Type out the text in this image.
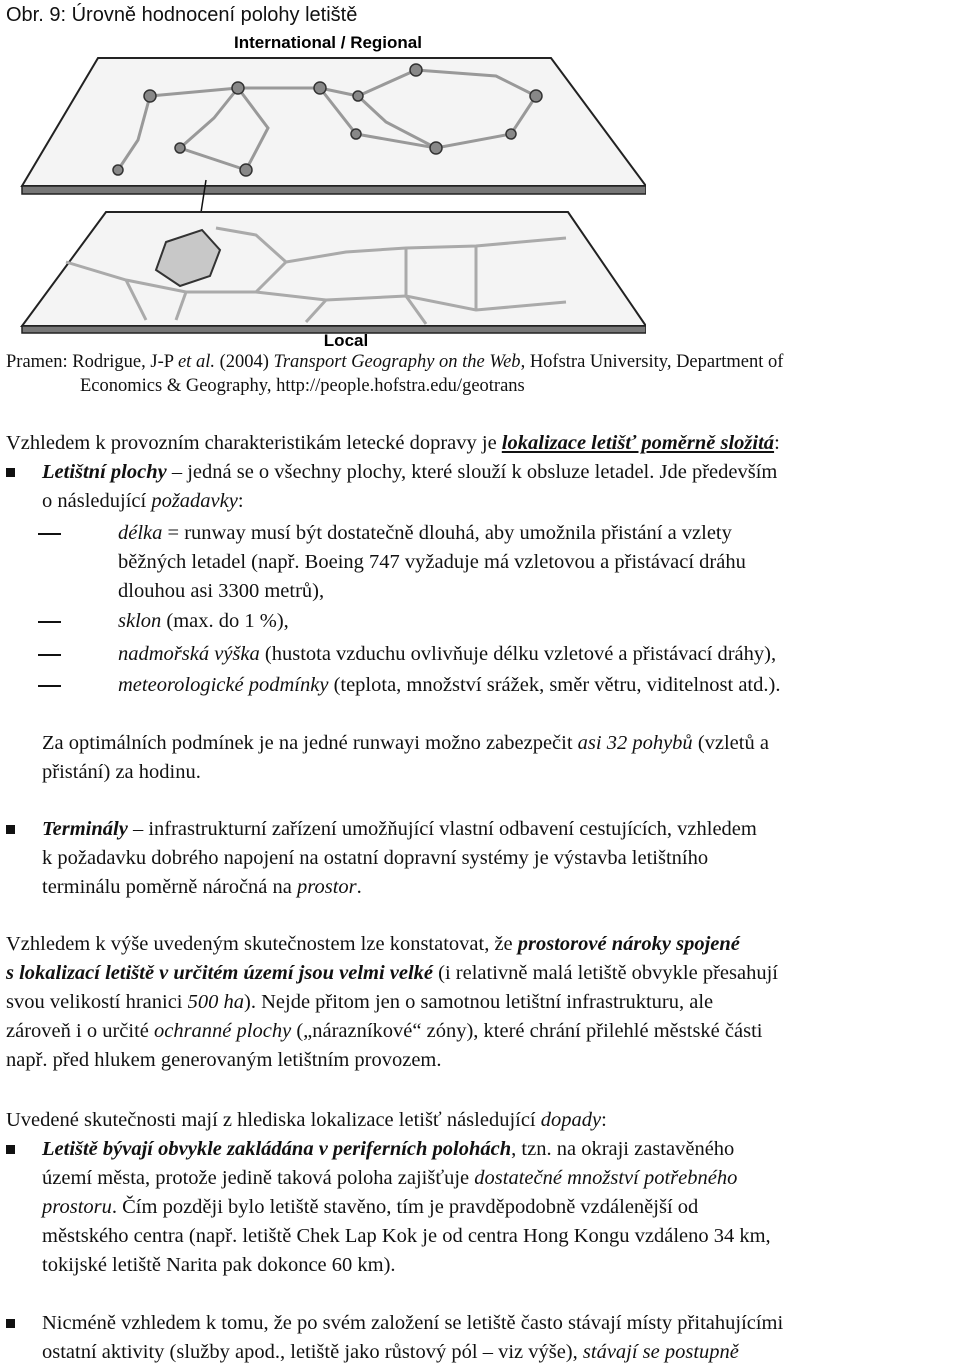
Obr. 9: Úrovně hodnocení polohy letiště
International / Regional
Local
Pramen: Rodrigue, J-P et al. (2004) Transport Geography on the Web, Hofstra University, Department of
Economics & Geography, http://people.hofstra.edu/geotrans
Vzhledem k provozním charakteristikám letecké dopravy je lokalizace letišť poměrně složitá:
Letištní plochy – jedná se o všechny plochy, které slouží k obsluze letadel. Jde především
o následující požadavky:
délka = runway musí být dostatečně dlouhá, aby umožnila přistání a vzlety
běžných letadel (např. Boeing 747 vyžaduje má vzletovou a přistávací dráhu
dlouhou asi 3300 metrů),
sklon (max. do 1 %),
nadmořská výška (hustota vzduchu ovlivňuje délku vzletové a přistávací dráhy),
meteorologické podmínky (teplota, množství srážek, směr větru, viditelnost atd.).
Za optimálních podmínek je na jedné runwayi možno zabezpečit asi 32 pohybů (vzletů a
přistání) za hodinu.
Terminály – infrastrukturní zařízení umožňující vlastní odbavení cestujících, vzhledem
k požadavku dobrého napojení na ostatní dopravní systémy je výstavba letištního
terminálu poměrně náročná na prostor.
Vzhledem k výše uvedeným skutečnostem lze konstatovat, že prostorové nároky spojené
s lokalizací letiště v určitém území jsou velmi velké (i relativně malá letiště obvykle přesahují
svou velikostí hranici 500 ha). Nejde přitom jen o samotnou letištní infrastrukturu, ale
zároveň i o určité ochranné plochy („nárazníkové“ zóny), které chrání přilehlé městské části
např. před hlukem generovaným letištním provozem.
Uvedené skutečnosti mají z hlediska lokalizace letišť následující dopady:
Letiště bývají obvykle zakládána v periferních polohách, tzn. na okraji zastavěného
území města, protože jedině taková poloha zajišťuje dostatečné množství potřebného
prostoru. Čím později bylo letiště stavěno, tím je pravděpodobně vzdálenější od
městského centra (např. letiště Chek Lap Kok je od centra Hong Kongu vzdáleno 34 km,
tokijské letiště Narita pak dokonce 60 km).
Nicméně vzhledem k tomu, že po svém založení se letiště často stávají místy přitahujícími
ostatní aktivity (služby apod., letiště jako růstový pól – viz výše), stávají se postupně
